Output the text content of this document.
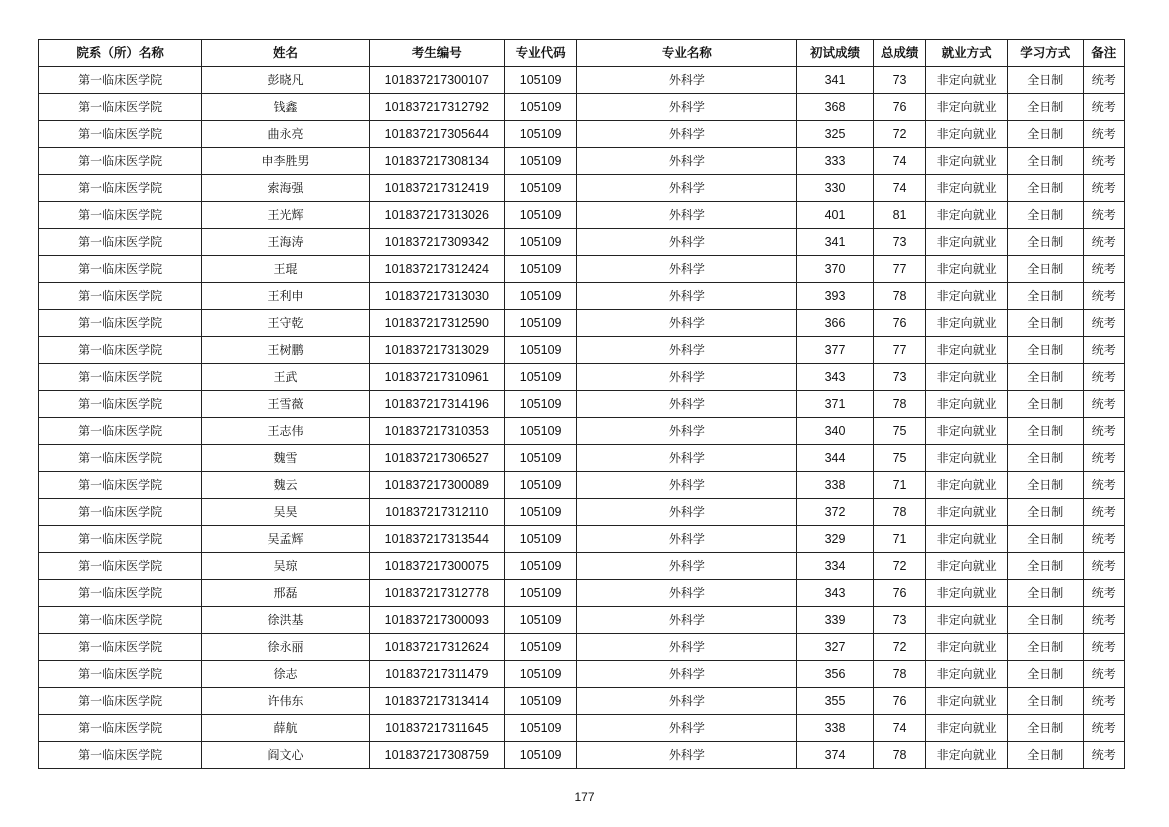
院系（所）名称	姓名	考生编号	专业代码	专业名称	初试成绩	总成绩	就业方式	学习方式	备注
第一临床医学院	彭晓凡	101837217300107	105109	外科学	341	73	非定向就业	全日制	统考
第一临床医学院	钱鑫	101837217312792	105109	外科学	368	76	非定向就业	全日制	统考
第一临床医学院	曲永亮	101837217305644	105109	外科学	325	72	非定向就业	全日制	统考
第一临床医学院	申李胜男	101837217308134	105109	外科学	333	74	非定向就业	全日制	统考
第一临床医学院	索海强	101837217312419	105109	外科学	330	74	非定向就业	全日制	统考
第一临床医学院	王光辉	101837217313026	105109	外科学	401	81	非定向就业	全日制	统考
第一临床医学院	王海涛	101837217309342	105109	外科学	341	73	非定向就业	全日制	统考
第一临床医学院	王琨	101837217312424	105109	外科学	370	77	非定向就业	全日制	统考
第一临床医学院	王利申	101837217313030	105109	外科学	393	78	非定向就业	全日制	统考
第一临床医学院	王守乾	101837217312590	105109	外科学	366	76	非定向就业	全日制	统考
第一临床医学院	王树鹏	101837217313029	105109	外科学	377	77	非定向就业	全日制	统考
第一临床医学院	王武	101837217310961	105109	外科学	343	73	非定向就业	全日制	统考
第一临床医学院	王雪薇	101837217314196	105109	外科学	371	78	非定向就业	全日制	统考
第一临床医学院	王志伟	101837217310353	105109	外科学	340	75	非定向就业	全日制	统考
第一临床医学院	魏雪	101837217306527	105109	外科学	344	75	非定向就业	全日制	统考
第一临床医学院	魏云	101837217300089	105109	外科学	338	71	非定向就业	全日制	统考
第一临床医学院	吴昊	101837217312110	105109	外科学	372	78	非定向就业	全日制	统考
第一临床医学院	吴孟辉	101837217313544	105109	外科学	329	71	非定向就业	全日制	统考
第一临床医学院	吴琼	101837217300075	105109	外科学	334	72	非定向就业	全日制	统考
第一临床医学院	邢磊	101837217312778	105109	外科学	343	76	非定向就业	全日制	统考
第一临床医学院	徐洪基	101837217300093	105109	外科学	339	73	非定向就业	全日制	统考
第一临床医学院	徐永丽	101837217312624	105109	外科学	327	72	非定向就业	全日制	统考
第一临床医学院	徐志	101837217311479	105109	外科学	356	78	非定向就业	全日制	统考
第一临床医学院	许伟东	101837217313414	105109	外科学	355	76	非定向就业	全日制	统考
第一临床医学院	薛航	101837217311645	105109	外科学	338	74	非定向就业	全日制	统考
第一临床医学院	阎文心	101837217308759	105109	外科学	374	78	非定向就业	全日制	统考
177
